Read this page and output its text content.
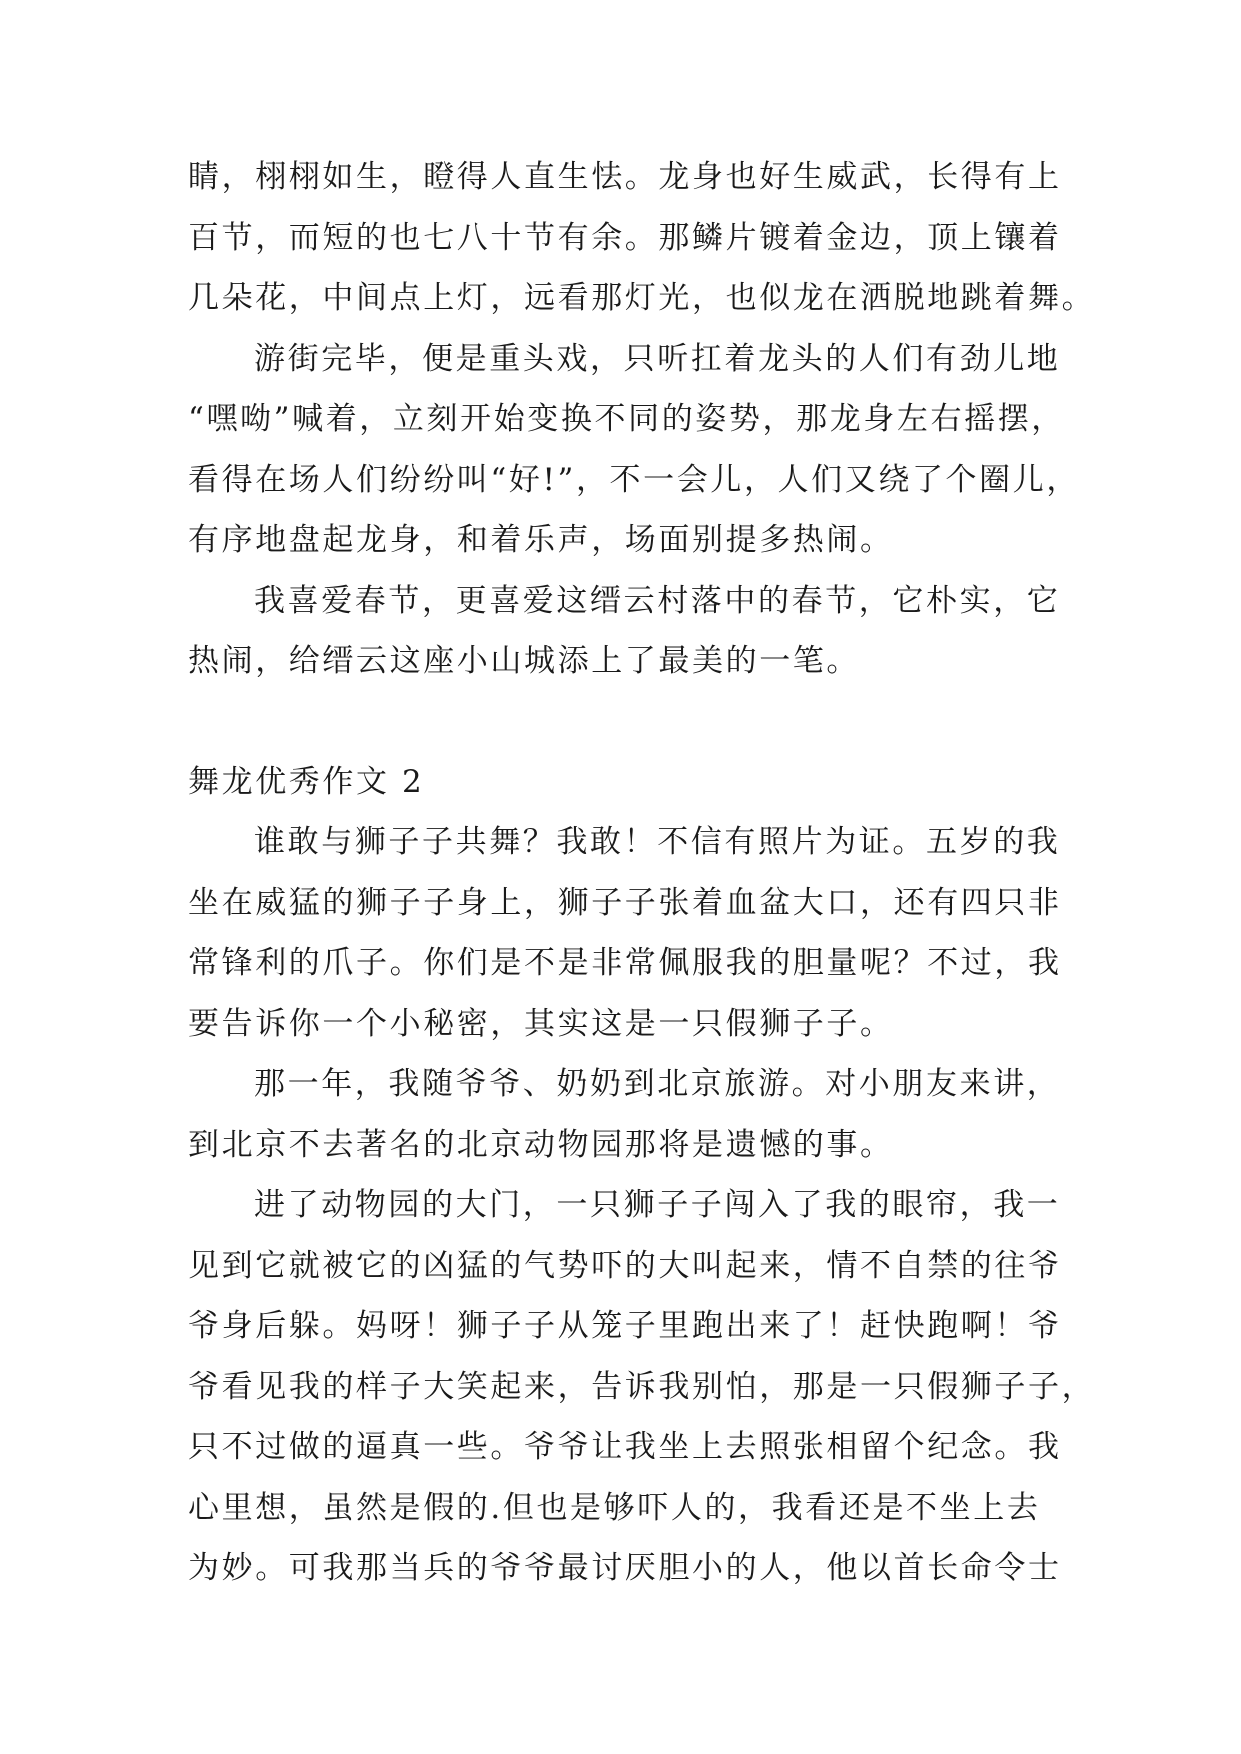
睛，栩栩如生，瞪得人直生怯。龙身也好生威武，长得有上
百节，而短的也七八十节有余。那鳞片镀着金边，顶上镶着
几朵花，中间点上灯，远看那灯光，也似龙在洒脱地跳着舞。
游街完毕，便是重头戏，只听扛着龙头的人们有劲儿地
“嘿呦”喊着，立刻开始变换不同的姿势，那龙身左右摇摆，
看得在场人们纷纷叫“好!”，不一会儿，人们又绕了个圈儿，
有序地盘起龙身，和着乐声，场面别提多热闹。
我喜爱春节，更喜爱这缙云村落中的春节，它朴实，它
热闹，给缙云这座小山城添上了最美的一笔。
舞龙优秀作文 2
谁敢与狮子子共舞？我敢！不信有照片为证。五岁的我
坐在威猛的狮子子身上，狮子子张着血盆大口，还有四只非
常锋利的爪子。你们是不是非常佩服我的胆量呢？不过，我
要告诉你一个小秘密，其实这是一只假狮子子。
那一年，我随爷爷、奶奶到北京旅游。对小朋友来讲，
到北京不去著名的北京动物园那将是遗憾的事。
进了动物园的大门，一只狮子子闯入了我的眼帘，我一
见到它就被它的凶猛的气势吓的大叫起来，情不自禁的往爷
爷身后躲。妈呀！狮子子从笼子里跑出来了！赶快跑啊！爷
爷看见我的样子大笑起来，告诉我别怕，那是一只假狮子子，
只不过做的逼真一些。爷爷让我坐上去照张相留个纪念。我
心里想，虽然是假的.但也是够吓人的，我看还是不坐上去
为妙。可我那当兵的爷爷最讨厌胆小的人，他以首长命令士
